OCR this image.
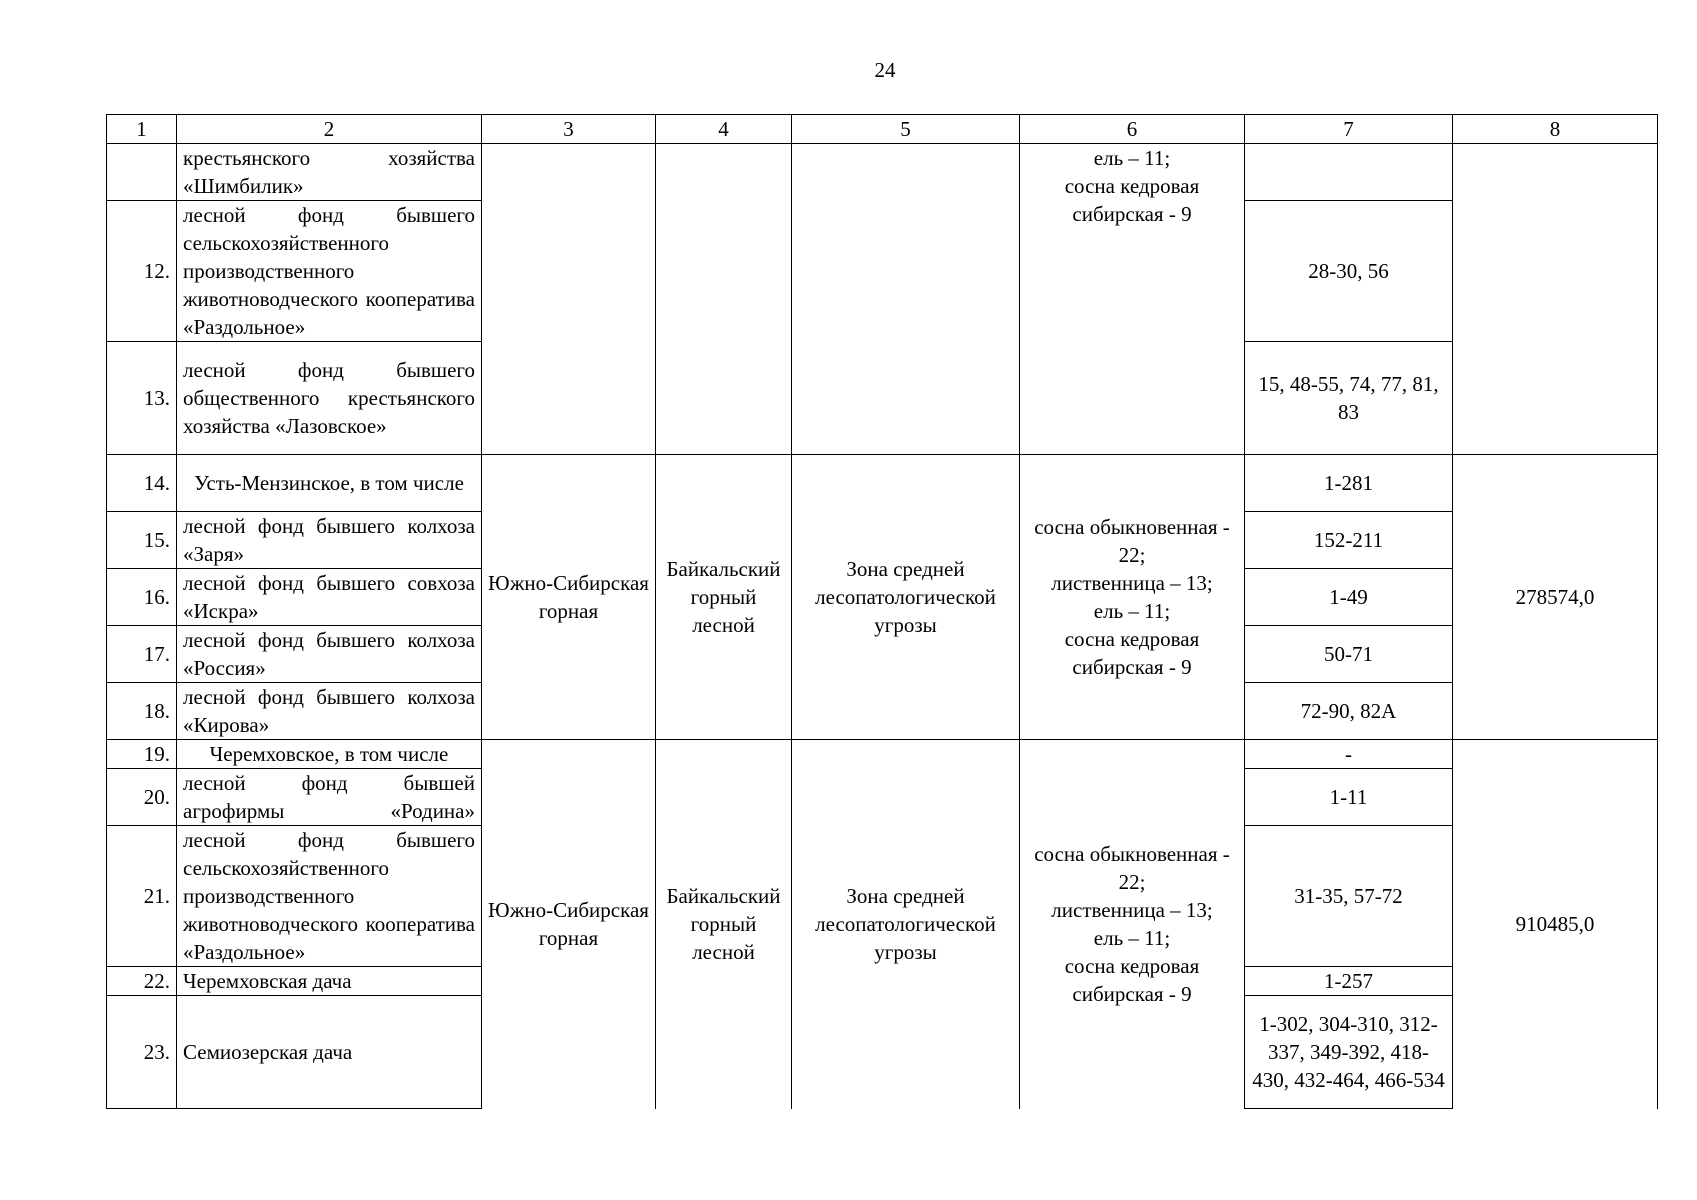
24
1	2	3	4	5	6	7	8
	крестьянского хозяйства «Шимбилик»				ель – 11;
сосна кедровая сибирская - 9		
12.	лесной фонд бывшего сельскохозяйственного производственного животноводческого кооператива «Раздольное»					28-30, 56	
13.	лесной фонд бывшего общественного крестьянского хозяйства «Лазовское»					15, 48-55, 74, 77, 81, 83	
14.	Усть-Мензинское, в том числе	Южно-Сибирская горная	Байкальский горный лесной	Зона средней лесопатологической угрозы	сосна обыкновенная - 22;
лиственница – 13;
ель – 11;
сосна кедровая сибирская - 9	1-281	278574,0
15.	лесной фонд бывшего колхоза «Заря»					152-211	
16.	лесной фонд бывшего совхоза «Искра»					1-49	
17.	лесной фонд бывшего колхоза «Россия»					50-71	
18.	лесной фонд бывшего колхоза «Кирова»					72-90, 82А	
19.	Черемховское, в том числе	Южно-Сибирская горная	Байкальский горный лесной	Зона средней лесопатологической угрозы	сосна обыкновенная - 22;
лиственница – 13;
ель – 11;
сосна кедровая сибирская - 9	-	910485,0
20.	лесной фонд бывшей агрофирмы «Родина»					1-11	
21.	лесной фонд бывшего сельскохозяйственного производственного животноводческого кооператива «Раздольное»					31-35, 57-72	
22.	Черемховская дача					1-257	
23.	Семиозерская дача					1-302, 304-310, 312-337, 349-392, 418-430, 432-464, 466-534	
